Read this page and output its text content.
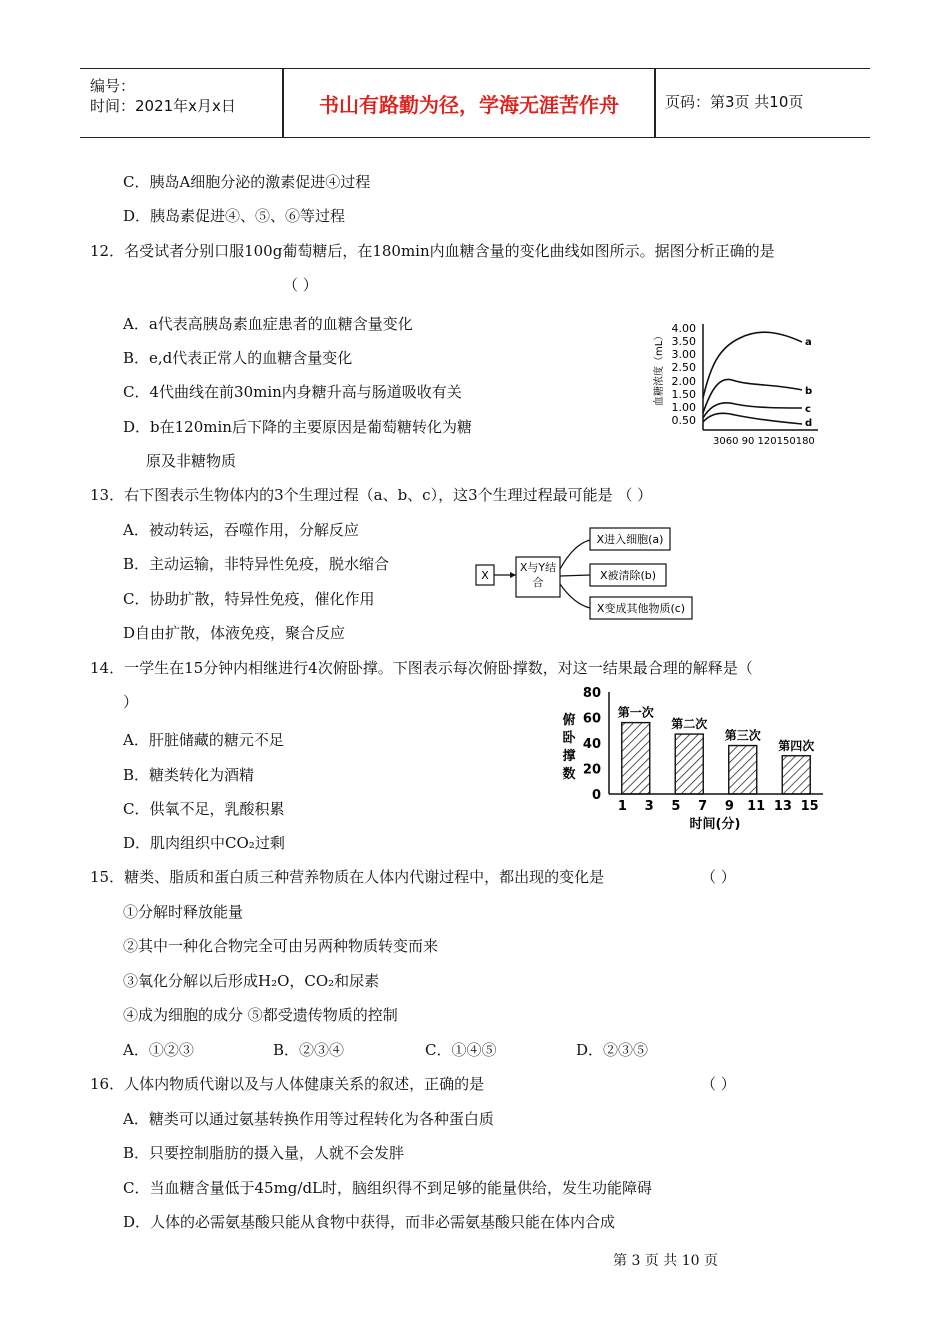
编号：
时间：2021年x月x日	书山有路勤为径，学海无涯苦作舟	页码：第3页 共10页
C．胰岛A细胞分泌的激素促进④过程
D．胰岛素促进④、⑤、⑥等过程
12．名受试者分别口服100g葡萄糖后，在180min内血糖含量的变化曲线如图所示。据图分析正确的是
（ ）
A．a代表高胰岛素血症患者的血糖含量变化
B．e,d代表正常人的血糖含量变化
C．4代曲线在前30min内身糖升高与肠道吸收有关
D．b在120min后下降的主要原因是葡萄糖转化为糖
原及非糖物质
13．右下图表示生物体内的3个生理过程（a、b、c），这3个生理过程最可能是 （ ）
A．被动转运，吞噬作用，分解反应
B．主动运输，非特异性免疫，脱水缩合
C．协助扩散，特异性免疫，催化作用
D自由扩散，体液免疫，聚合反应
14．一学生在15分钟内相继进行4次俯卧撑。下图表示每次俯卧撑数，对这一结果最合理的解释是（
）
A．肝脏储藏的糖元不足
B．糖类转化为酒精
C．供氧不足，乳酸积累
D．肌肉组织中CO₂过剩
15．糖类、脂质和蛋白质三种营养物质在人体内代谢过程中，都出现的变化是	（ ）
①分解时释放能量
②其中一种化合物完全可由另两种物质转变而来
③氧化分解以后形成H₂O，CO₂和尿素
④成为细胞的成分 ⑤都受遗传物质的控制
A．①②③	B．②③④	C．①④⑤	D．②③⑤
16．人体内物质代谢以及与人体健康关系的叙述，正确的是	（ ）
A．糖类可以通过氨基转换作用等过程转化为各种蛋白质
B．只要控制脂肪的摄入量，人就不会发胖
C．当血糖含量低于45mg/dL时，脑组织得不到足够的能量供给，发生功能障碍
D．人体的必需氨基酸只能从食物中获得，而非必需氨基酸只能在体内合成
血糖浓度（mL）
4.00
3.50
3.00
2.50
2.00
1.50
1.00
0.50
a
b
c
d
3060 90 120150180
X
X与Y结合
X进入细胞(a)
X被清除(b)
X变成其他物质(c)
0
20
40
60
80
俯
卧
撑
数
第一次
第二次
第三次
第四次
1 3 5 7 9 11 13 15
时间(分)
第 3 页 共 10 页
